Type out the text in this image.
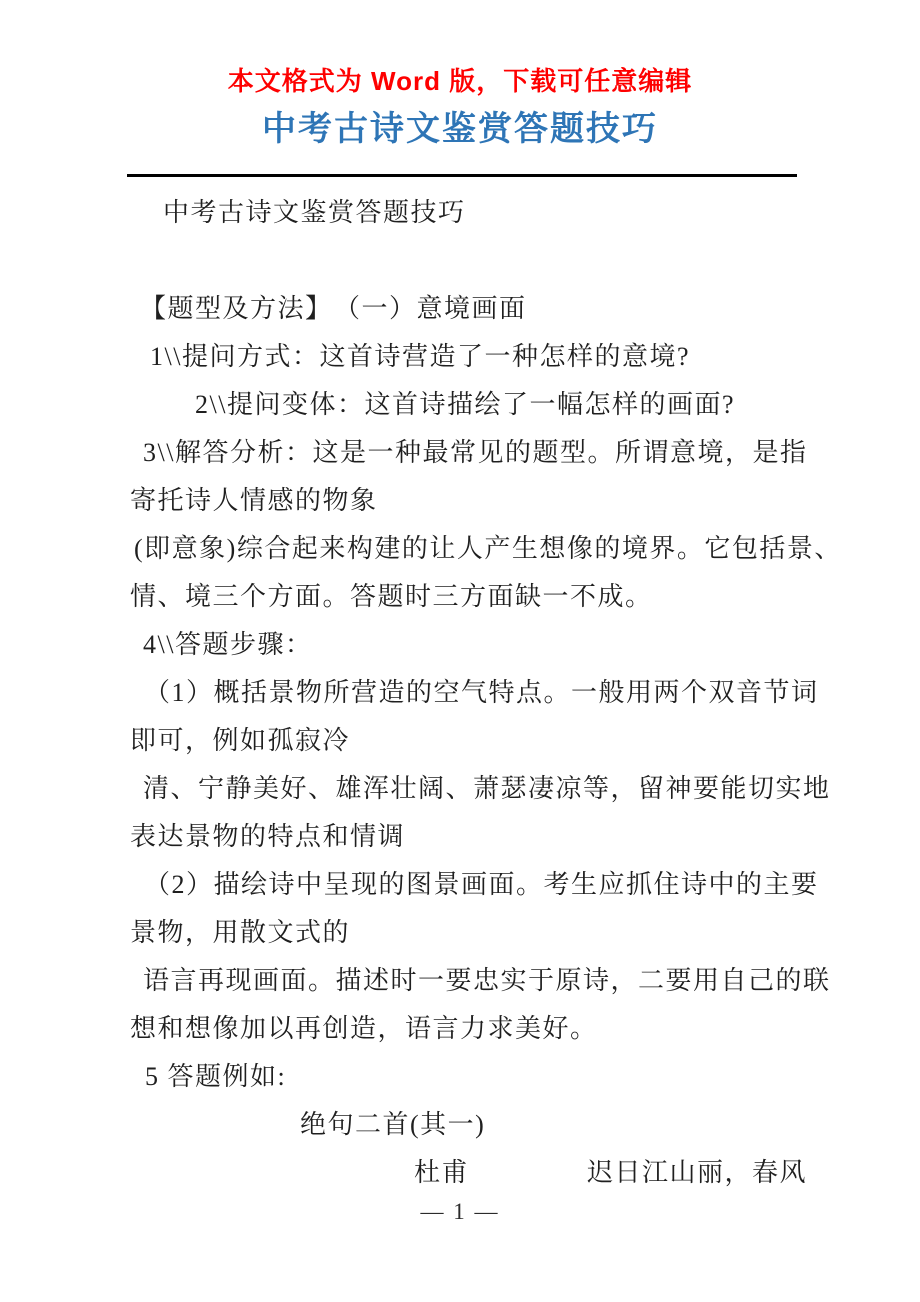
本文格式为 Word 版，下载可任意编辑
中考古诗文鉴赏答题技巧
中考古诗文鉴赏答题技巧
【题型及方法】　（一）意境画面
1\\提问方式：这首诗营造了一种怎样的意境?
2\\提问变体：这首诗描绘了一幅怎样的画面?
3\\解答分析：这是一种最常见的题型。所谓意境，是指
寄托诗人情感的物象
(即意象)综合起来构建的让人产生想像的境界。它包括景、
情、境三个方面。答题时三方面缺一不成。
4\\答题步骤：
（1）概括景物所营造的空气特点。一般用两个双音节词
即可，例如孤寂冷
清、宁静美好、雄浑壮阔、萧瑟凄凉等，留神要能切实地
表达景物的特点和情调
（2）描绘诗中呈现的图景画面。考生应抓住诗中的主要
景物，用散文式的
语言再现画面。描述时一要忠实于原诗，二要用自己的联
想和想像加以再创造，语言力求美好。
5 答题例如:
绝句二首(其一)
杜甫	迟日江山丽，春风
— 1 —
